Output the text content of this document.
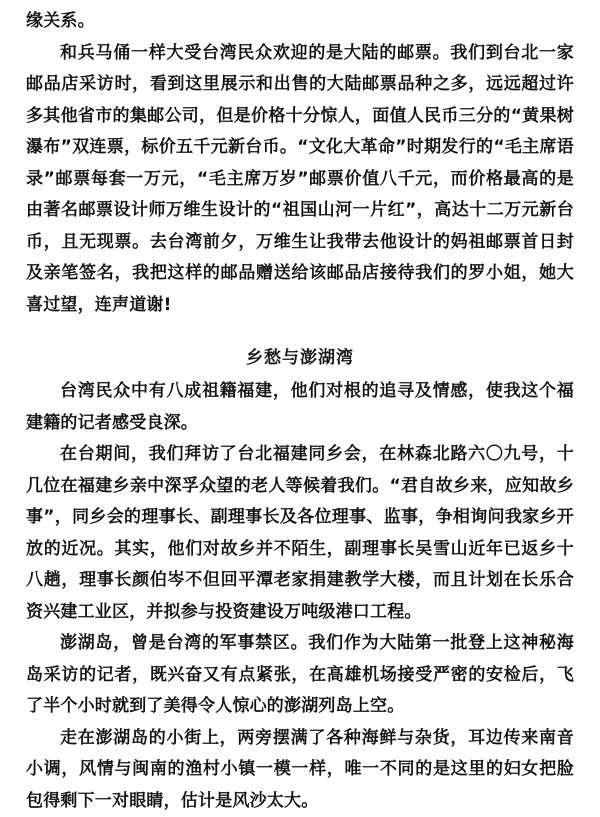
缘关系。

和兵马俑一样大受台湾民众欢迎的是大陆的邮票。我们到台北一家邮品店采访时，看到这里展示和出售的大陆邮票品种之多，远远超过许多其他省市的集邮公司，但是价格十分惊人，面值人民币三分的“黄果树瀑布”双连票，标价五千元新台币。“文化大革命”时期发行的“毛主席语录”邮票每套一万元，“毛主席万岁”邮票价值八千元，而价格最高的是由著名邮票设计师万维生设计的“祖国山河一片红”，高达十二万元新台币，且无现票。去台湾前夕，万维生让我带去他设计的妈祖邮票首日封及亲笔签名，我把这样的邮品赠送给该邮品店接待我们的罗小姐，她大喜过望，连声道谢!

乡愁与澎湖湾

台湾民众中有八成祖籍福建，他们对根的追寻及情感，使我这个福建籍的记者感受良深。

在台期间，我们拜访了台北福建同乡会，在林森北路六〇九号，十几位在福建乡亲中深孚众望的老人等候着我们。“君自故乡来，应知故乡事”，同乡会的理事长、副理事长及各位理事、监事，争相询问我家乡开放的近况。其实，他们对故乡并不陌生，副理事长吴雪山近年已返乡十八趟，理事长颜伯岑不但回平潭老家捐建教学大楼，而且计划在长乐合资兴建工业区，并拟参与投资建设万吨级港口工程。

澎湖岛，曾是台湾的军事禁区。我们作为大陆第一批登上这神秘海岛采访的记者，既兴奋又有点紧张，在高雄机场接受严密的安检后，飞了半个小时就到了美得令人惊心的澎湖列岛上空。

走在澎湖岛的小街上，两旁摆满了各种海鲜与杂货，耳边传来南音小调，风情与闽南的渔村小镇一模一样，唯一不同的是这里的妇女把脸包得剩下一对眼睛，估计是风沙太大。
